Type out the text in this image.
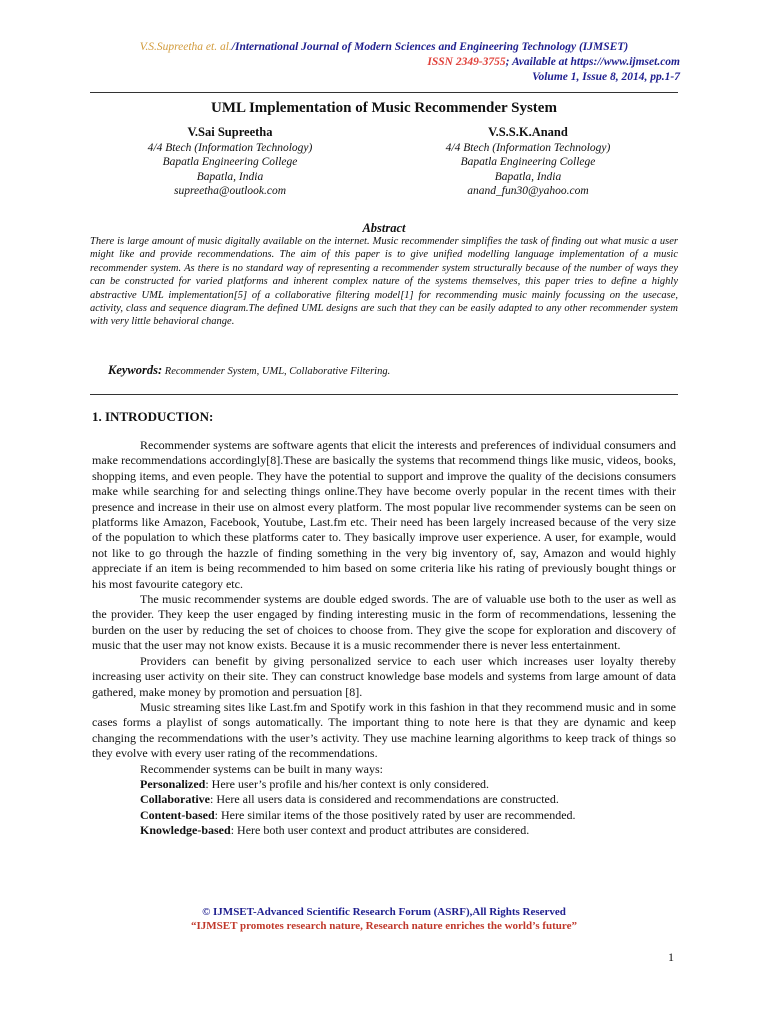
V.S.Supreetha et. al./International Journal of Modern Sciences and Engineering Technology (IJMSET)
ISSN 2349-3755; Available at https://www.ijmset.com
Volume 1, Issue 8, 2014, pp.1-7
UML Implementation of Music Recommender System
V.Sai Supreetha
4/4 Btech (Information Technology)
Bapatla Engineering College
Bapatla, India
supreetha@outlook.com
V.S.S.K.Anand
4/4 Btech (Information Technology)
Bapatla Engineering College
Bapatla, India
anand_fun30@yahoo.com
Abstract
There is large amount of music digitally available on the internet. Music recommender simplifies the task of finding out what music a user might like and provide recommendations. The aim of this paper is to give unified modelling language implementation of a music recommender system. As there is no standard way of representing a recommender system structurally because of the number of ways they can be constructed for varied platforms and inherent complex nature of the systems themselves, this paper tries to define a highly abstractive UML implementation[5] of a collaborative filtering model[1] for recommending music mainly focussing on the usecase, activity, class and sequence diagram.The defined UML designs are such that they can be easily adapted to any other recommender system with very little behavioral change.
Keywords: Recommender System, UML, Collaborative Filtering.
1. INTRODUCTION:

Recommender systems are software agents that elicit the interests and preferences of individual consumers and make recommendations accordingly[8].These are basically the systems that recommend things like music, videos, books, shopping items, and even people. They have the potential to support and improve the quality of the decisions consumers make while searching for and selecting things online.They have become overly popular in the recent times with their presence and increase in their use on almost every platform. The most popular live recommender systems can be seen on platforms like Amazon, Facebook, Youtube, Last.fm etc. Their need has been largely increased because of the very size of the population to which these platforms cater to. They basically improve user experience. A user, for example, would not like to go through the hazzle of finding something in the very big inventory of, say, Amazon and would highly appreciate if an item is being recommended to him based on some criteria like his rating of previously bought things or his most favourite category etc.

The music recommender systems are double edged swords. The are of valuable use both to the user as well as the provider. They keep the user engaged by finding interesting music in the form of recommendations, lessening the burden on the user by reducing the set of choices to choose from. They give the scope for exploration and discovery of music that the user may not know exists. Because it is a music recommender there is never less entertainment.

Providers can benefit by giving personalized service to each user which increases user loyalty thereby increasing user activity on their site. They can construct knowledge base models and systems from large amount of data gathered, make money by promotion and persuation [8].

Music streaming sites like Last.fm and Spotify work in this fashion in that they recommend music and in some cases forms a playlist of songs automatically. The important thing to note here is that they are dynamic and keep changing the recommendations with the user’s activity. They use machine learning algorithms to keep track of things so they evolve with every user rating of the recommendations.

Recommender systems can be built in many ways:
Personalized: Here user’s profile and his/her context is only considered.
Collaborative: Here all users data is considered and recommendations are constructed.
Content-based: Here similar items of the those positively rated by user are recommended.
Knowledge-based: Here both user context and product attributes are considered.
© IJMSET-Advanced Scientific Research Forum (ASRF),All Rights Reserved
“IJMSET promotes research nature, Research nature enriches the world’s future”
1
